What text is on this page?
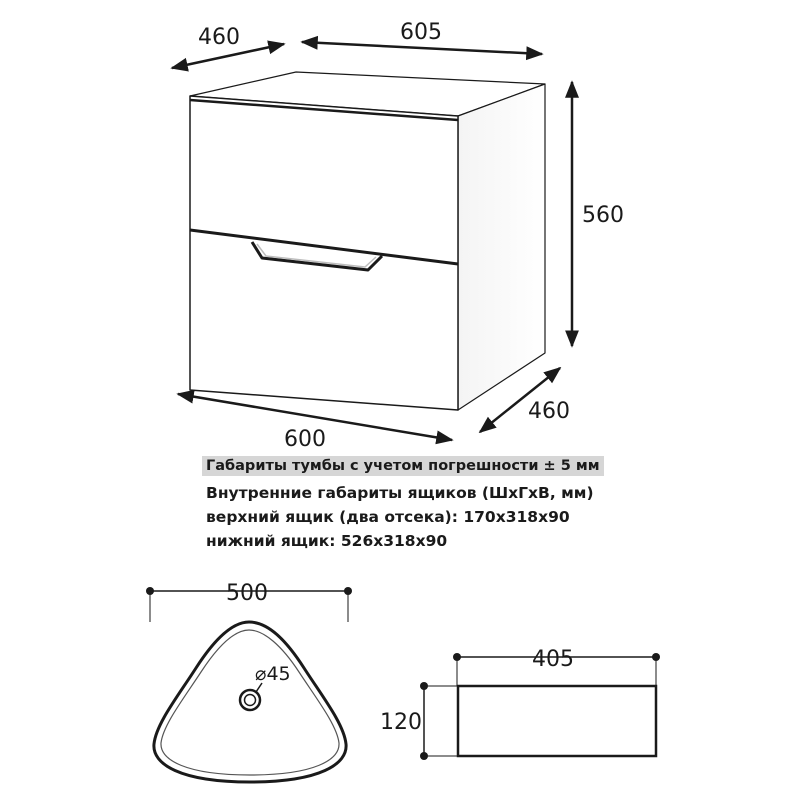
460	605
560
460
600
500
⌀45
405
120
Габариты тумбы с учетом погрешности ± 5 мм
Внутренние габариты ящиков (ШхГхВ, мм)
верхний ящик (два отсека): 170х318х90
нижний ящик: 526х318х90
